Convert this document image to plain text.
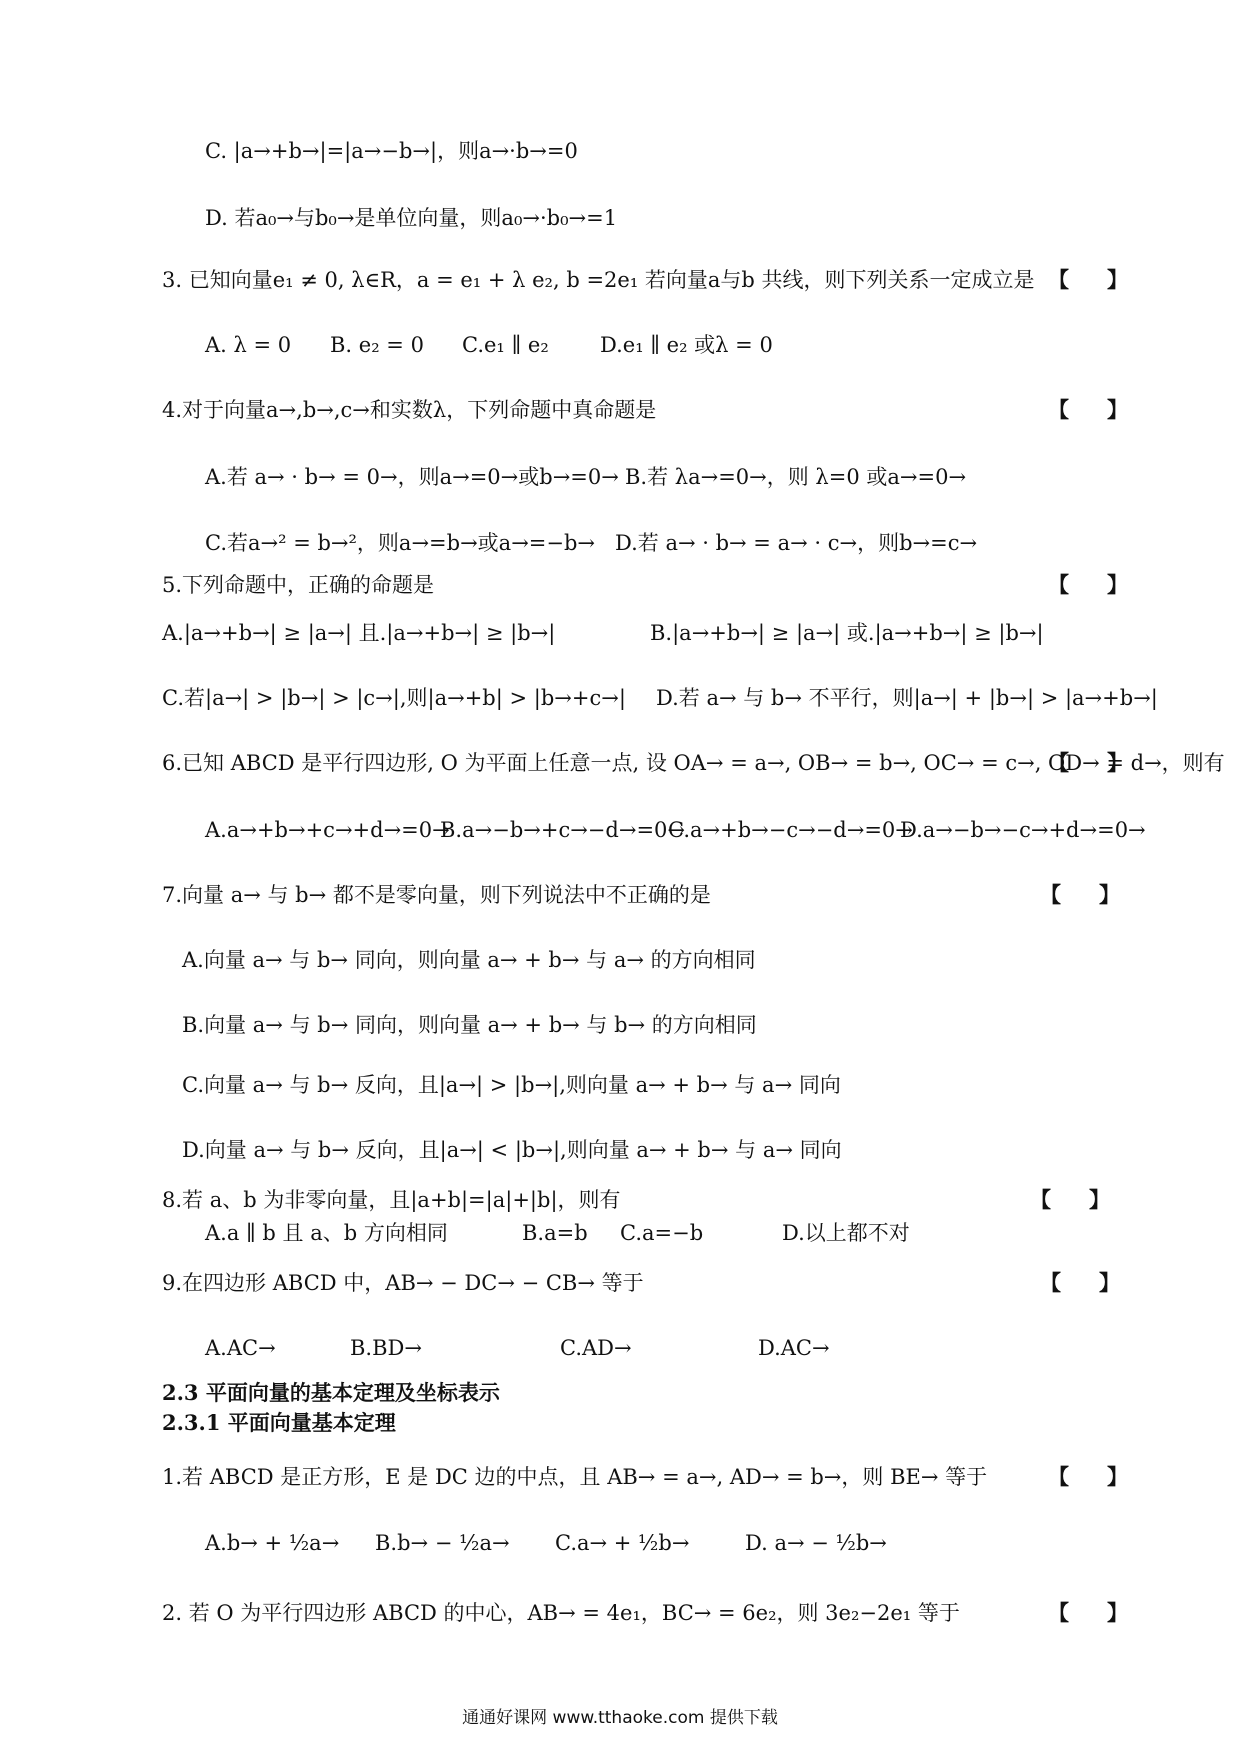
C. |a→+b→|=|a→−b→|，则a→·b→=0
D. 若a₀→与b₀→是单位向量，则a₀→·b₀→=1
3. 已知向量e₁ ≠ 0, λ∈R，a = e₁ + λ e₂, b =2e₁ 若向量a与b 共线，则下列关系一定成立是
【 】
A. λ = 0 B. e₂ = 0 C.e₁ ∥ e₂ D.e₁ ∥ e₂ 或λ = 0
4.对于向量a→,b→,c→和实数λ，下列命题中真命题是
【 】
A.若 a→ · b→ = 0→，则a→=0→或b→=0→ B.若 λa→=0→，则 λ=0 或a→=0→
C.若a→² = b→²，则a→=b→或a→=−b→ D.若 a→ · b→ = a→ · c→，则b→=c→
5.下列命题中，正确的命题是
【 】
A.|a→+b→| ≥ |a→| 且.|a→+b→| ≥ |b→|	B.|a→+b→| ≥ |a→| 或.|a→+b→| ≥ |b→|
C.若|a→| > |b→| > |c→|,则|a→+b| > |b→+c→| D.若 a→ 与 b→ 不平行，则|a→| + |b→| > |a→+b→|
6.已知 ABCD 是平行四边形, O 为平面上任意一点, 设 OA→ = a→, OB→ = b→, OC→ = c→, OD→ = d→，则有
【 】
A.a→+b→+c→+d→=0→
B.a→−b→+c→−d→=0→
C.a→+b→−c→−d→=0→
D.a→−b→−c→+d→=0→
7.向量 a→ 与 b→ 都不是零向量，则下列说法中不正确的是
【 】
A.向量 a→ 与 b→ 同向，则向量 a→ + b→ 与 a→ 的方向相同
B.向量 a→ 与 b→ 同向，则向量 a→ + b→ 与 b→ 的方向相同
C.向量 a→ 与 b→ 反向，且|a→| > |b→|,则向量 a→ + b→ 与 a→ 同向
D.向量 a→ 与 b→ 反向，且|a→| < |b→|,则向量 a→ + b→ 与 a→ 同向
8.若 a、b 为非零向量，且|a+b|=|a|+|b|，则有
【 】
A.a ∥ b 且 a、b 方向相同	B.a=b C.a=−b	D.以上都不对
9.在四边形 ABCD 中，AB→ − DC→ − CB→ 等于
【 】
A.AC→	B.BD→	C.AD→	D.AC→
2.3 平面向量的基本定理及坐标表示
2.3.1 平面向量基本定理
1.若 ABCD 是正方形，E 是 DC 边的中点，且 AB→ = a→, AD→ = b→，则 BE→ 等于
【 】
A.b→ + ½a→ B.b→ − ½a→ C.a→ + ½b→	D. a→ − ½b→
2. 若 O 为平行四边形 ABCD 的中心，AB→ = 4e₁，BC→ = 6e₂，则 3e₂−2e₁ 等于
【 】
通通好课网 www.tthaoke.com 提供下载
